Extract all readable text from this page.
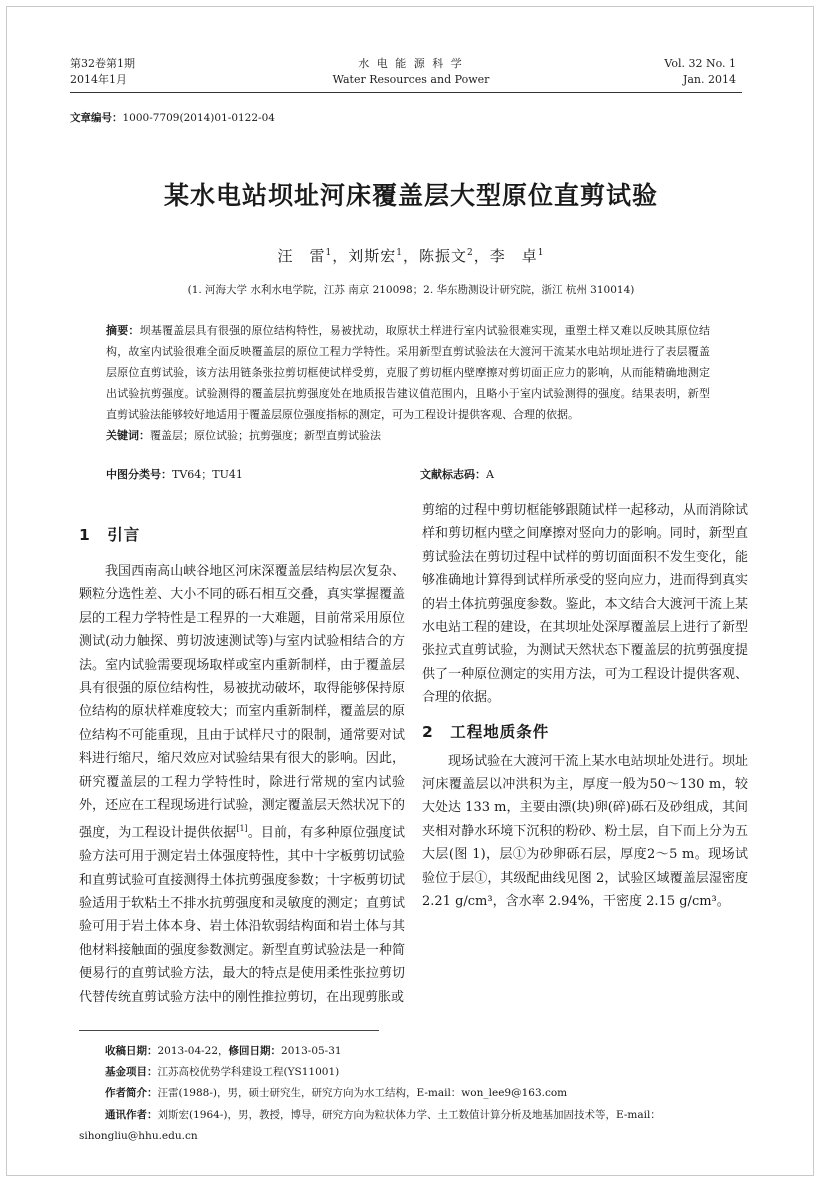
第32卷第1期
2014年1月
水 电 能 源 科 学
Water Resources and Power
Vol. 32 No. 1
Jan. 2014
文章编号：1000-7709(2014)01-0122-04
某水电站坝址河床覆盖层大型原位直剪试验
汪　雷$^1$，刘斯宏$^1$，陈振文$^2$，李　卓$^1$
(1. 河海大学 水利水电学院，江苏 南京 210098；2. 华东勘测设计研究院，浙江 杭州 310014)
摘要：坝基覆盖层具有很强的原位结构特性，易被扰动，取原状土样进行室内试验很难实现，重塑土样又难以反映其原位结构，故室内试验很难全面反映覆盖层的原位工程力学特性。采用新型直剪试验法在大渡河干流某水电站坝址进行了表层覆盖层原位直剪试验，该方法用链条张拉剪切框使试样受剪，克服了剪切框内壁摩擦对剪切面正应力的影响，从而能精确地测定出试验抗剪强度。试验测得的覆盖层抗剪强度处在地质报告建议值范围内，且略小于室内试验测得的强度。结果表明，新型直剪试验法能够较好地适用于覆盖层原位强度指标的测定，可为工程设计提供客观、合理的依据。
关键词：覆盖层；原位试验；抗剪强度；新型直剪试验法
中图分类号：TV64；TU41	文献标志码：A
1　引言

我国西南高山峡谷地区河床深覆盖层结构层次复杂、颗粒分选性差、大小不同的砾石相互交叠，真实掌握覆盖层的工程力学特性是工程界的一大难题，目前常采用原位测试(动力触探、剪切波速测试等)与室内试验相结合的方法。室内试验需要现场取样或室内重新制样，由于覆盖层具有很强的原位结构性，易被扰动破坏，取得能够保持原位结构的原状样难度较大；而室内重新制样，覆盖层的原位结构不可能重现，且由于试样尺寸的限制，通常要对试料进行缩尺，缩尺效应对试验结果有很大的影响。因此，研究覆盖层的工程力学特性时，除进行常规的室内试验外，还应在工程现场进行试验，测定覆盖层天然状况下的强度，为工程设计提供依据[1]。目前，有多种原位强度试验方法可用于测定岩土体强度特性，其中十字板剪切试验和直剪试验可直接测得土体抗剪强度参数；十字板剪切试验适用于软粘土不排水抗剪强度和灵敏度的测定；直剪试验可用于岩土体本身、岩土体沿软弱结构面和岩土体与其他材料接触面的强度参数测定。新型直剪试验法是一种简便易行的直剪试验方法，最大的特点是使用柔性张拉剪切代替传统直剪试验方法中的刚性推拉剪切，在出现剪胀或

剪缩的过程中剪切框能够跟随试样一起移动，从而消除试样和剪切框内壁之间摩擦对竖向力的影响。同时，新型直剪试验法在剪切过程中试样的剪切面面积不发生变化，能够准确地计算得到试样所承受的竖向应力，进而得到真实的岩土体抗剪强度参数。鉴此，本文结合大渡河干流上某水电站工程的建设，在其坝址处深厚覆盖层上进行了新型张拉式直剪试验，为测试天然状态下覆盖层的抗剪强度提供了一种原位测定的实用方法，可为工程设计提供客观、合理的依据。

2　工程地质条件

现场试验在大渡河干流上某水电站坝址处进行。坝址河床覆盖层以冲洪积为主，厚度一般为50～130 m，较大处达 133 m，主要由漂(块)卵(碎)砾石及砂组成，其间夹相对静水环境下沉积的粉砂、粉土层，自下而上分为五大层(图 1)，层①为砂卵砾石层，厚度2～5 m。现场试验位于层①，其级配曲线见图 2，试验区域覆盖层湿密度 2.21 g/cm³，含水率 2.94%，干密度 2.15 g/cm³。

收稿日期：2013-04-22，修回日期：2013-05-31

基金项目：江苏高校优势学科建设工程(YS11001)

作者简介：汪雷(1988-)，男，硕士研究生，研究方向为水工结构，E-mail：won_lee9@163.com

通讯作者：刘斯宏(1964-)，男，教授，博导，研究方向为粒状体力学、土工数值计算分析及地基加固技术等，E-mail：

sihongliu@hhu.edu.cn
